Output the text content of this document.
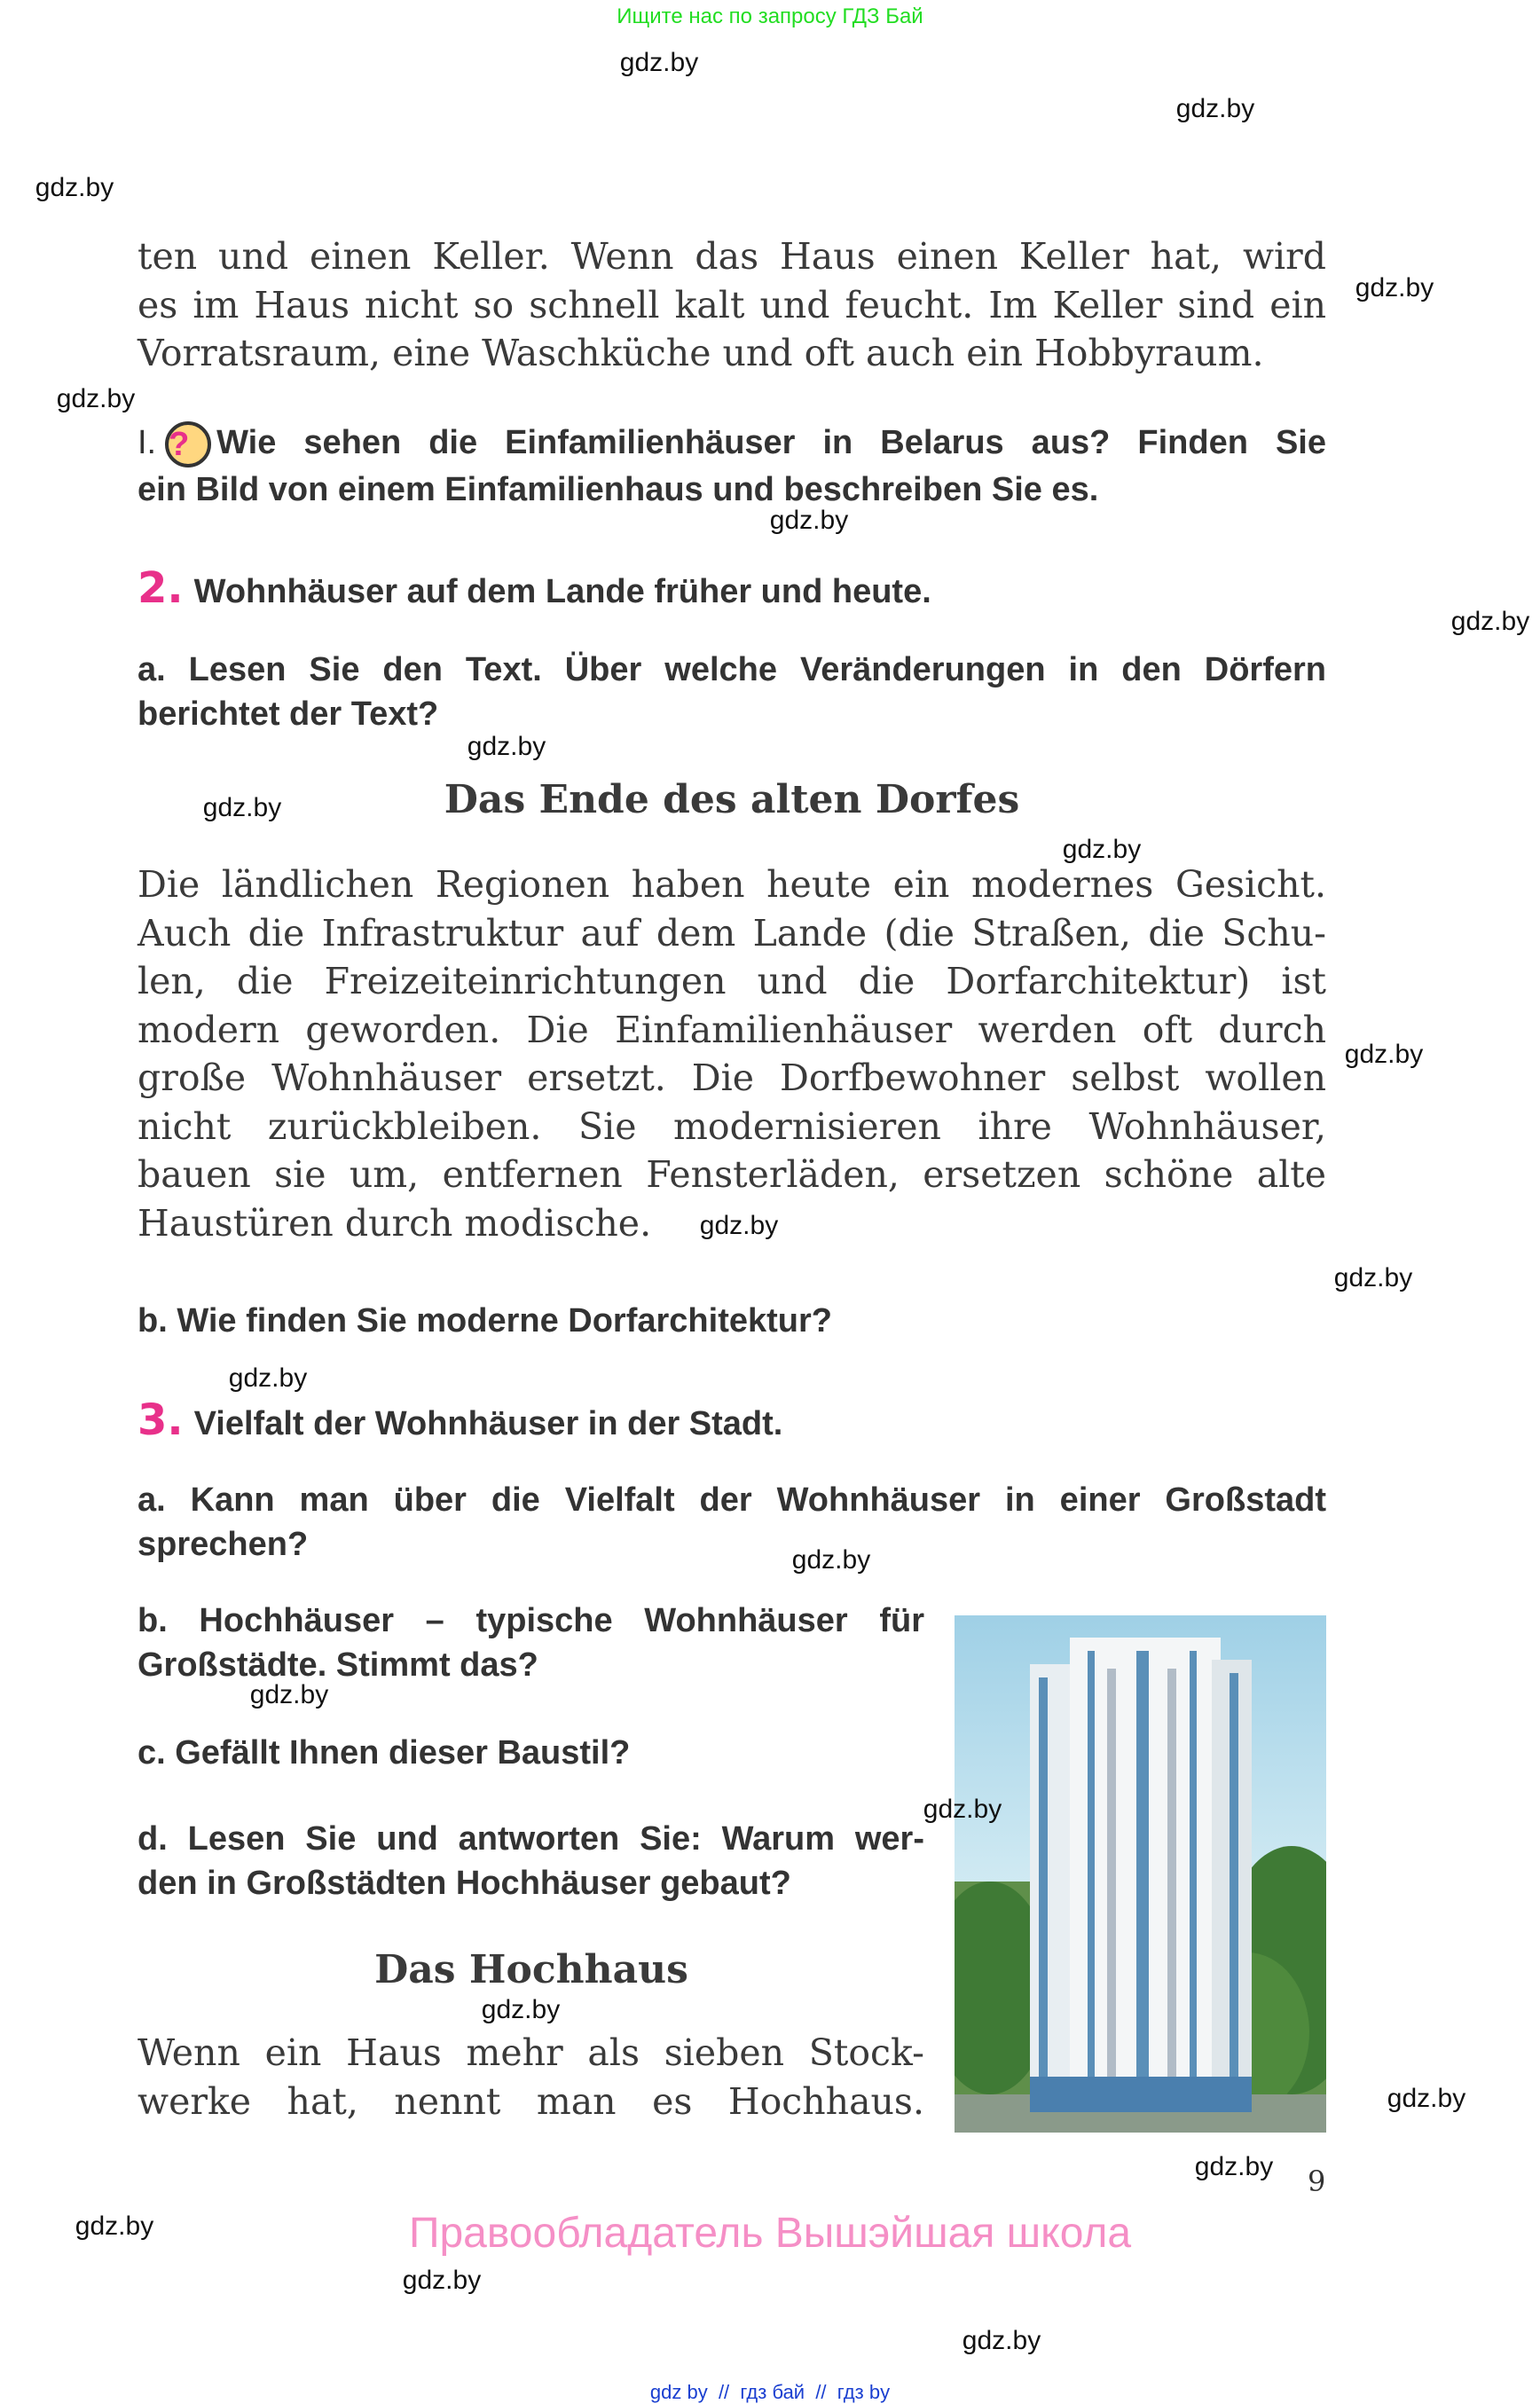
Ищите нас по запросу ГДЗ Бай
ten und einen Keller. Wenn das Haus einen Keller hat, wird
es im Haus nicht so schnell kalt und feucht. Im Keller sind ein
Vorratsraum, eine Waschküche und oft auch ein Hobbyraum.
I. ? Wie sehen die Einfamilienhäuser in Belarus aus? Finden Sie
ein Bild von einem Einfamilienhaus und beschreiben Sie es.
2. Wohnhäuser auf dem Lande früher und heute.
a. Lesen Sie den Text. Über welche Veränderungen in den Dörfern
berichtet der Text?
Das Ende des alten Dorfes
Die ländlichen Regionen haben heute ein modernes Gesicht.
Auch die Infrastruktur auf dem Lande (die Straßen, die Schu-
len, die Freizeiteinrichtungen und die Dorfarchitektur) ist
modern geworden. Die Einfamilienhäuser werden oft durch
große Wohnhäuser ersetzt. Die Dorfbewohner selbst wollen
nicht zurückbleiben. Sie modernisieren ihre Wohnhäuser,
bauen sie um, entfernen Fensterläden, ersetzen schöne alte
Haustüren durch modische.
b. Wie finden Sie moderne Dorfarchitektur?
3. Vielfalt der Wohnhäuser in der Stadt.
a. Kann man über die Vielfalt der Wohnhäuser in einer Großstadt
sprechen?
b. Hochhäuser – typische Wohnhäuser für
Großstädte. Stimmt das?
c. Gefällt Ihnen dieser Baustil?
d. Lesen Sie und antworten Sie: Warum wer-
den in Großstädten Hochhäuser gebaut?
Das Hochhaus
Wenn ein Haus mehr als sieben Stock-
werke hat, nennt man es Hochhaus.
9
Правообладатель Вышэйшая школа
gdz by  //  гдз бай  //  гдз by
gdz.by
gdz.by
gdz.by
gdz.by
gdz.by
gdz.by
gdz.by
gdz.by
gdz.by
gdz.by
gdz.by
gdz.by
gdz.by
gdz.by
gdz.by
gdz.by
gdz.by
gdz.by
gdz.by
gdz.by
gdz.by
gdz.by
gdz.by
